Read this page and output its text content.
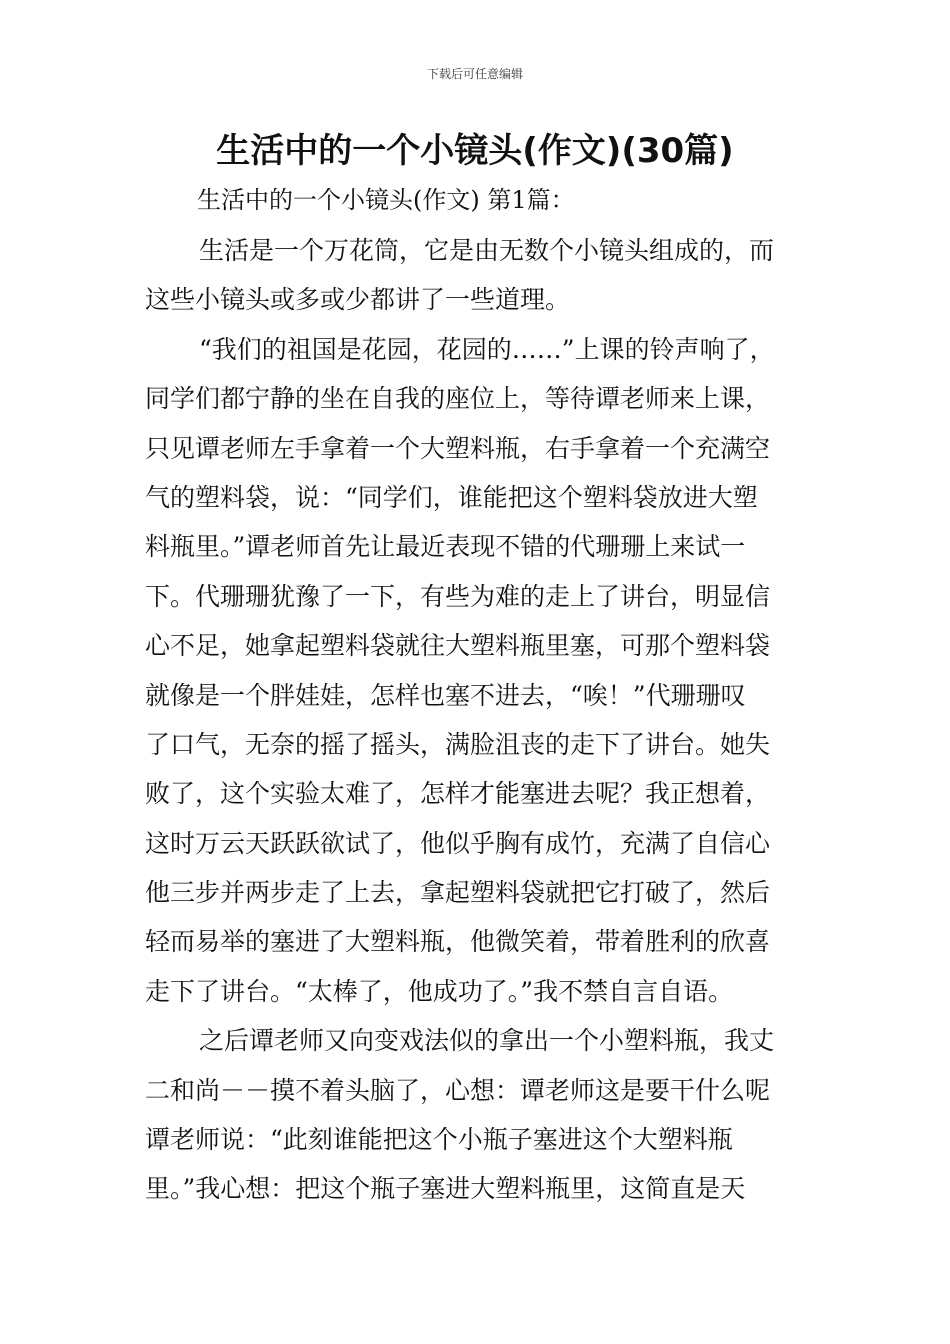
下载后可任意编辑
生活中的一个小镜头(作文)(30篇)
生活中的一个小镜头(作文) 第1篇：
生活是一个万花筒，它是由无数个小镜头组成的，而
这些小镜头或多或少都讲了一些道理。
“我们的祖国是花园，花园的……”上课的铃声响了，
同学们都宁静的坐在自我的座位上，等待谭老师来上课，
只见谭老师左手拿着一个大塑料瓶，右手拿着一个充满空
气的塑料袋，说：“同学们，谁能把这个塑料袋放进大塑
料瓶里。”谭老师首先让最近表现不错的代珊珊上来试一
下。代珊珊犹豫了一下，有些为难的走上了讲台，明显信
心不足，她拿起塑料袋就往大塑料瓶里塞，可那个塑料袋
就像是一个胖娃娃，怎样也塞不进去，“唉！”代珊珊叹
了口气，无奈的摇了摇头，满脸沮丧的走下了讲台。她失
败了，这个实验太难了，怎样才能塞进去呢？我正想着，
这时万云天跃跃欲试了，他似乎胸有成竹，充满了自信心
他三步并两步走了上去，拿起塑料袋就把它打破了，然后
轻而易举的塞进了大塑料瓶，他微笑着，带着胜利的欣喜
走下了讲台。“太棒了，他成功了。”我不禁自言自语。
之后谭老师又向变戏法似的拿出一个小塑料瓶，我丈
二和尚－－摸不着头脑了，心想：谭老师这是要干什么呢
谭老师说：“此刻谁能把这个小瓶子塞进这个大塑料瓶
里。”我心想：把这个瓶子塞进大塑料瓶里，这简直是天
